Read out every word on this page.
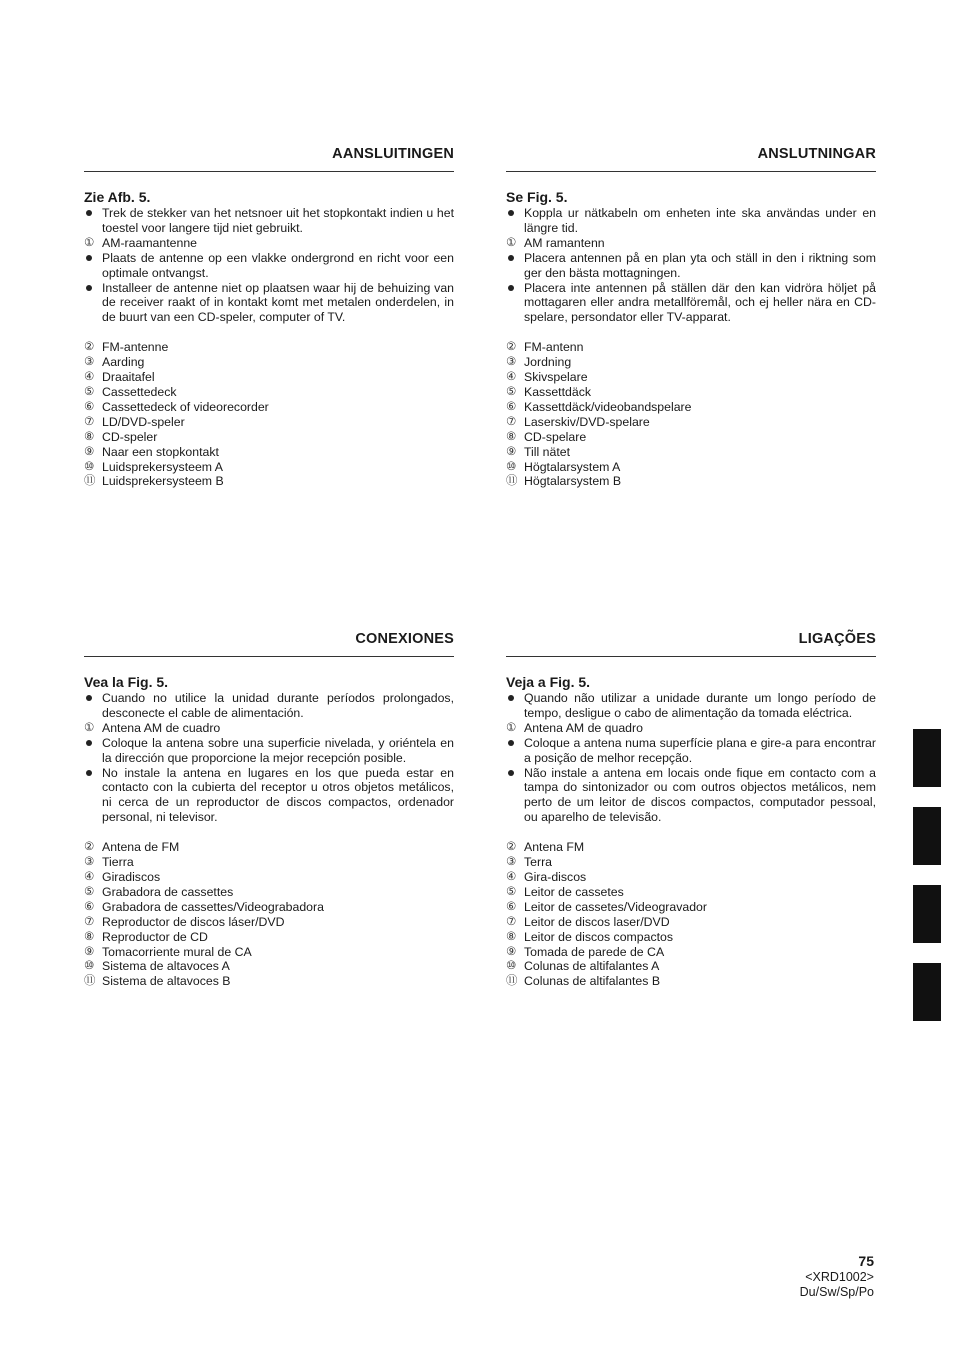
AANSLUITINGEN
Zie Afb. 5.
Trek de stekker van het netsnoer uit het stopkontakt indien u het toestel voor langere tijd niet gebruikt.
① AM-raamantenne
Plaats de antenne op een vlakke ondergrond en richt voor een optimale ontvangst.
Installeer de antenne niet op plaatsen waar hij de behuizing van de receiver raakt of in kontakt komt met metalen onderdelen, in de buurt van een CD-speler, computer of TV.
② FM-antenne
③ Aarding
④ Draaitafel
⑤ Cassettedeck
⑥ Cassettedeck of videorecorder
⑦ LD/DVD-speler
⑧ CD-speler
⑨ Naar een stopkontakt
⑩ Luidsprekersysteem A
⑪ Luidsprekersysteem B
ANSLUTNINGAR
Se Fig. 5.
Koppla ur nätkabeln om enheten inte ska användas under en längre tid.
① AM ramantenn
Placera antennen på en plan yta och ställ in den i riktning som ger den bästa mottagningen.
Placera inte antennen på ställen där den kan vidröra höljet på mottagaren eller andra metallföremål, och ej heller nära en CD-spelare, persondator eller TV-apparat.
② FM-antenn
③ Jordning
④ Skivspelare
⑤ Kassettdäck
⑥ Kassettdäck/videobandspelare
⑦ Laserskiv/DVD-spelare
⑧ CD-spelare
⑨ Till nätet
⑩ Högtalarsystem A
⑪ Högtalarsystem B
CONEXIONES
Vea la Fig. 5.
Cuando no utilice la unidad durante períodos prolongados, desconecte el cable de alimentación.
① Antena AM de cuadro
Coloque la antena sobre una superficie nivelada, y oriéntela en la dirección que proporcione la mejor recepción posible.
No instale la antena en lugares en los que pueda estar en contacto con la cubierta del receptor u otros objetos metálicos, ni cerca de un reproductor de discos compactos, ordenador personal, ni televisor.
② Antena de FM
③ Tierra
④ Giradiscos
⑤ Grabadora de cassettes
⑥ Grabadora de cassettes/Videograbadora
⑦ Reproductor de discos láser/DVD
⑧ Reproductor de CD
⑨ Tomacorriente mural de CA
⑩ Sistema de altavoces A
⑪ Sistema de altavoces B
LIGAÇÕES
Veja a Fig. 5.
Quando não utilizar a unidade durante um longo período de tempo, desligue o cabo de alimentação da tomada eléctrica.
① Antena AM de quadro
Coloque a antena numa superfície plana e gire-a para encontrar a posição de melhor recepção.
Não instale a antena em locais onde fique em contacto com a tampa do sintonizador ou com outros objectos metálicos, nem perto de um leitor de discos compactos, computador pessoal, ou aparelho de televisão.
② Antena FM
③ Terra
④ Gira-discos
⑤ Leitor de cassetes
⑥ Leitor de cassetes/Videogravador
⑦ Leitor de discos laser/DVD
⑧ Leitor de discos compactos
⑨ Tomada de parede de CA
⑩ Colunas de altifalantes A
⑪ Colunas de altifalantes B
75
<XRD1002>
Du/Sw/Sp/Po
